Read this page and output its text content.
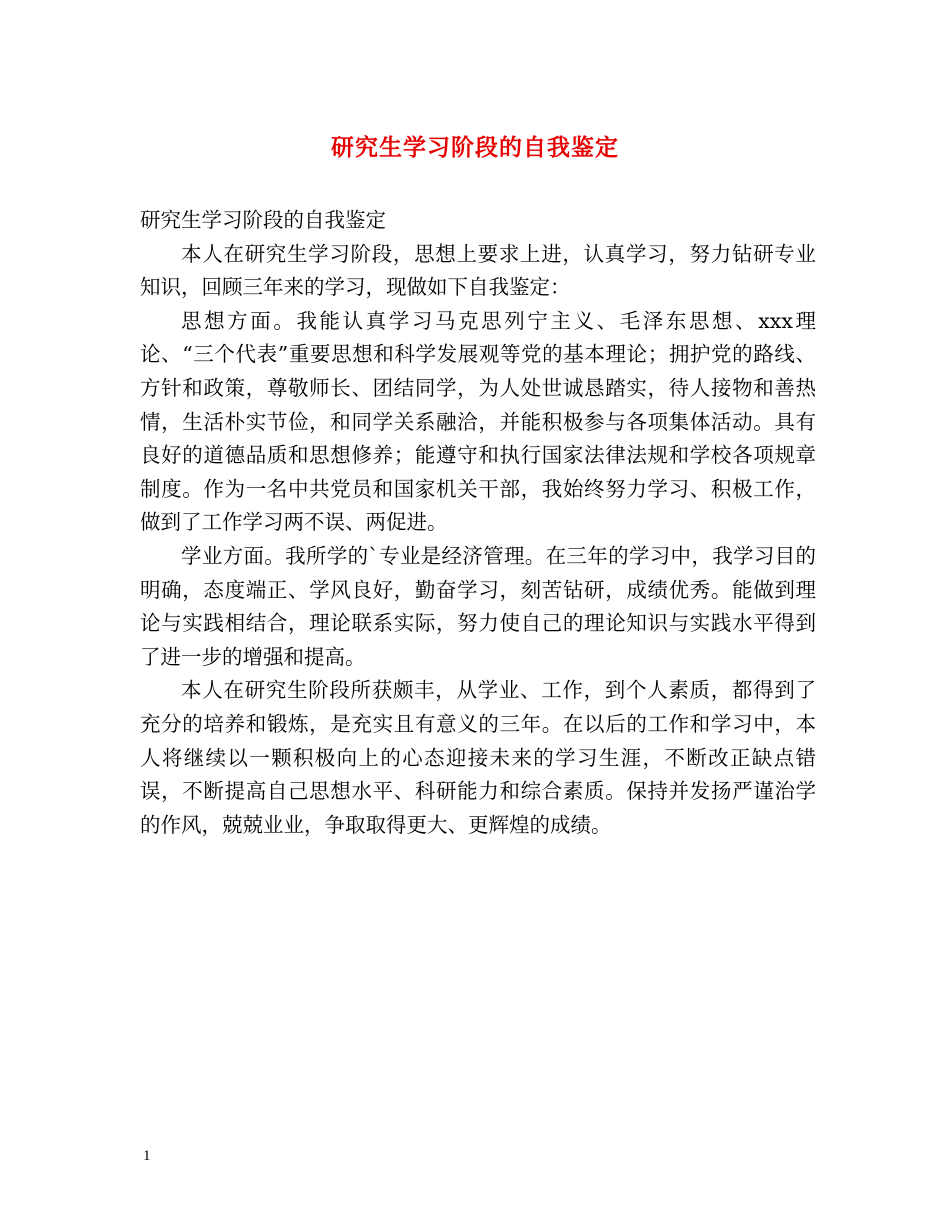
研究生学习阶段的自我鉴定

研究生学习阶段的自我鉴定

本人在研究生学习阶段，思想上要求上进，认真学习，努力钻研专业知识，回顾三年来的学习，现做如下自我鉴定：

思想方面。我能认真学习马克思列宁主义、毛泽东思想、xxx理论、“三个代表”重要思想和科学发展观等党的基本理论；拥护党的路线、方针和政策，尊敬师长、团结同学，为人处世诚恳踏实，待人接物和善热情，生活朴实节俭，和同学关系融洽，并能积极参与各项集体活动。具有良好的道德品质和思想修养；能遵守和执行国家法律法规和学校各项规章制度。作为一名中共党员和国家机关干部，我始终努力学习、积极工作，做到了工作学习两不误、两促进。

学业方面。我所学的`专业是经济管理。在三年的学习中，我学习目的明确，态度端正、学风良好，勤奋学习，刻苦钻研，成绩优秀。能做到理论与实践相结合，理论联系实际，努力使自己的理论知识与实践水平得到了进一步的增强和提高。

本人在研究生阶段所获颇丰，从学业、工作，到个人素质，都得到了充分的培养和锻炼，是充实且有意义的三年。在以后的工作和学习中，本人将继续以一颗积极向上的心态迎接未来的学习生涯，不断改正缺点错误，不断提高自己思想水平、科研能力和综合素质。保持并发扬严谨治学的作风，兢兢业业，争取取得更大、更辉煌的成绩。

1
